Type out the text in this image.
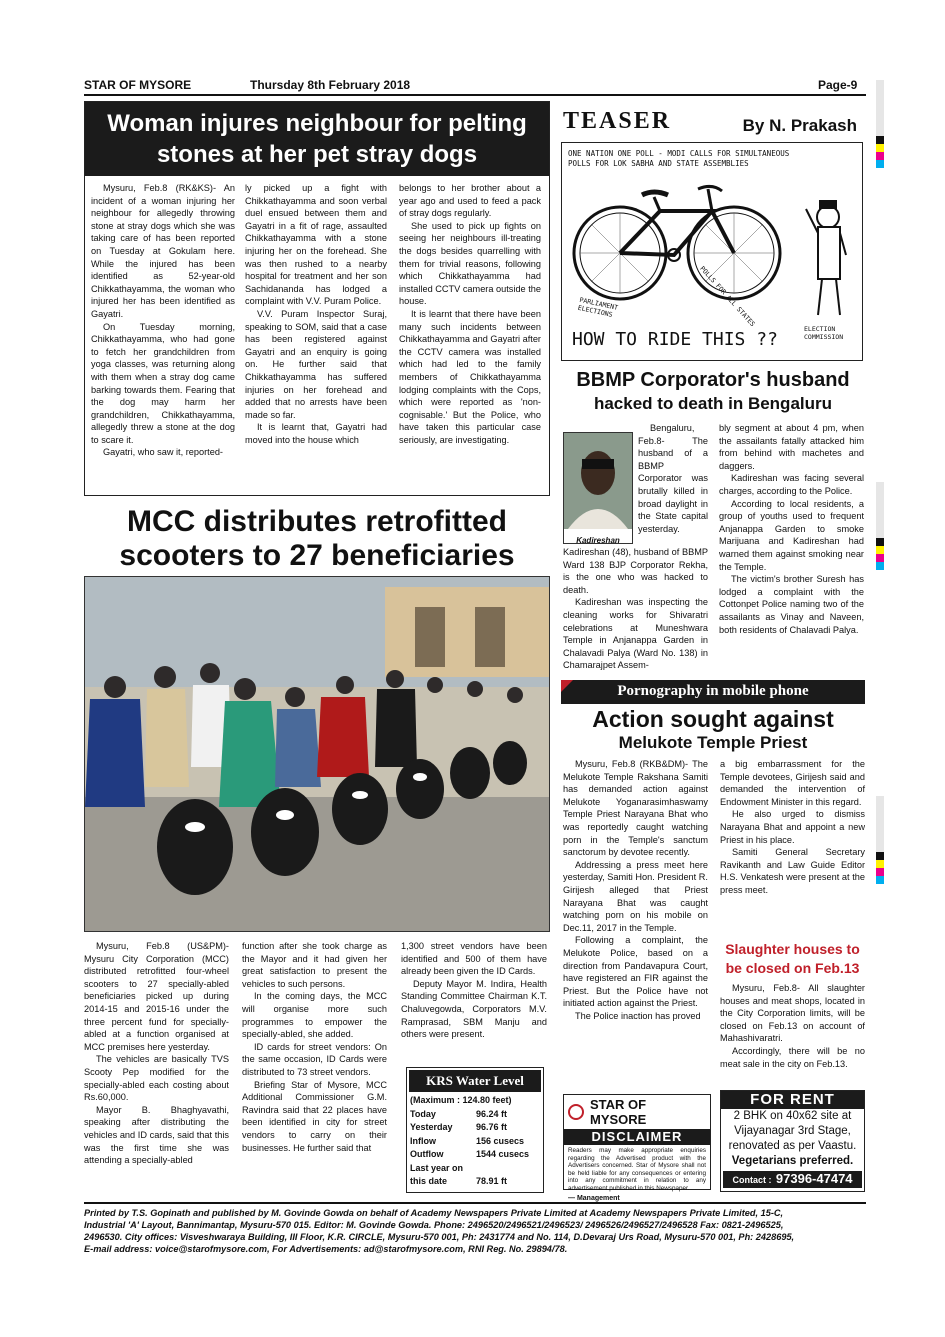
STAR OF MYSORE	Thursday 8th February 2018	Page-9
Woman injures neighbour for pelting
stones at her pet stray dogs

Mysuru, Feb.8 (RK&KS)- An incident of a woman injuring her neighbour for allegedly throwing stone at stray dogs which she was taking care of has been reported on Tuesday at Gokulam here. While the injured has been identified as 52-year-old Chikkathayamma, the woman who injured her has been identified as Gayatri.

On Tuesday morning, Chikkathayamma, who had gone to fetch her grandchildren from yoga classes, was returning along with them when a stray dog came barking towards them. Fearing that the dog may harm her grandchildren, Chikkathayamma, allegedly threw a stone at the dog to scare it.

Gayatri, who saw it, reported-

ly picked up a fight with Chikkathayamma and soon verbal duel ensued between them and Gayatri in a fit of rage, assaulted Chikkathayamma with a stone injuring her on the forehead. She was then rushed to a nearby hospital for treatment and her son Sachidananda has lodged a complaint with V.V. Puram Police.

V.V. Puram Inspector Suraj, speaking to SOM, said that a case has been registered against Gayatri and an enquiry is going on. He further said that Chikkathayamma has suffered injuries on her forehead and added that no arrests have been made so far.

It is learnt that, Gayatri had moved into the house which

belongs to her brother about a year ago and used to feed a pack of stray dogs regularly.

She used to pick up fights on seeing her neighbours ill-treating the dogs besides quarrelling with them for trivial reasons, following which Chikkathayamma had installed CCTV camera outside the house.

It is learnt that there have been many such incidents between Chikkathayamma and Gayatri after the CCTV camera was installed which had led to the family members of Chikkathayamma lodging complaints with the Cops, which were reported as 'non-cognisable.' But the Police, who have taken this particular case seriously, are investigating.

TEASER	By N. Prakash
ONE NATION ONE POLL - MODI CALLS FOR SIMULTANEOUS POLLS FOR LOK SABHA AND STATE ASSEMBLIES
PARLIAMENT ELECTIONS	POLLS FOR ALL STATES
ELECTION COMMISSION
HOW TO RIDE THIS ??
BBMP Corporator's husband
hacked to death in Bengaluru
Kadireshan

Bengaluru, Feb.8- The husband of a BBMP Corporator was brutally killed in broad daylight in the State capital yesterday.

Kadireshan (48), husband of BBMP Ward 138 BJP Corporator Rekha, is the one who was hacked to death.

Kadireshan was inspecting the cleaning works for Shivaratri celebrations at Muneshwara Temple in Anjanappa Garden in Chalavadi Palya (Ward No. 138) in Chamarajpet Assem-

bly segment at about 4 pm, when the assailants fatally attacked him from behind with machetes and daggers.

Kadireshan was facing several charges, according to the Police.

According to local residents, a group of youths used to frequent Anjanappa Garden to smoke Marijuana and Kadireshan had warned them against smoking near the Temple.

The victim's brother Suresh has lodged a complaint with the Cottonpet Police naming two of the assailants as Vinay and Naveen, both residents of Chalavadi Palya.

MCC distributes retrofitted
scooters to 27 beneficiaries

Mysuru, Feb.8 (US&PM)- Mysuru City Corporation (MCC) distributed retrofitted four-wheel scooters to 27 specially-abled beneficiaries picked up during 2014-15 and 2015-16 under the three percent fund for specially-abled at a function organised at MCC premises here yesterday.

The vehicles are basically TVS Scooty Pep modified for the specially-abled each costing about Rs.60,000.

Mayor B. Bhaghyavathi, speaking after distributing the vehicles and ID cards, said that this was the first time she was attending a specially-abled

function after she took charge as the Mayor and it had given her great satisfaction to present the vehicles to such persons.

In the coming days, the MCC will organise more such programmes to empower the specially-abled, she added.

ID cards for street vendors: On the same occasion, ID Cards were distributed to 73 street vendors.

Briefing Star of Mysore, MCC Additional Commissioner G.M. Ravindra said that 22 places have been identified in city for street vendors to carry on their businesses. He further said that

1,300 street vendors have been identified and 500 of them have already been given the ID Cards.

Deputy Mayor M. Indira, Health Standing Committee Chairman K.T. Chaluvegowda, Corporators M.V. Ramprasad, SBM Manju and others were present.

KRS Water Level
(Maximum : 124.80 feet)	
Today	96.24 ft
Yesterday	96.76 ft
Inflow	156 cusecs
Outflow	1544 cusecs
Last year on	
this date	78.91 ft
Pornography in mobile phone
Action sought against
Melukote Temple Priest

Mysuru, Feb.8 (RKB&DM)- The Melukote Temple Rakshana Samiti has demanded action against Melukote Yoganarasimhaswamy Temple Priest Narayana Bhat who was reportedly caught watching porn in the Temple's sanctum sanctorum by devotee recently.

Addressing a press meet here yesterday, Samiti Hon. President R. Girijesh alleged that Priest Narayana Bhat was caught watching porn on his mobile on Dec.11, 2017 in the Temple.

Following a complaint, the Melukote Police, based on a direction from Pandavapura Court, have registered an FIR against the Priest. But the Police have not initiated action against the Priest.

The Police inaction has proved

a big embarrassment for the Temple devotees, Girijesh said and demanded the intervention of Endowment Minister in this regard.

He also urged to dismiss Narayana Bhat and appoint a new Priest in his place.

Samiti General Secretary Ravikanth and Law Guide Editor H.S. Venkatesh were present at the press meet.

Slaughter houses to
be closed on Feb.13

Mysuru, Feb.8- All slaughter houses and meat shops, located in the City Corporation limits, will be closed on Feb.13 on account of Mahashivaratri.

Accordingly, there will be no meat sale in the city on Feb.13.

STAR OF MYSORE
DISCLAIMER
Readers may make appropriate enquiries regarding the Advertised product with the Advertisers concerned. Star of Mysore shall not be held liable for any consequences or entering into any commitment in relation to any advertisement published in this Newspaper.
— Management
FOR RENT
2 BHK on 40x62 site at
Vijayanagar 3rd Stage,
renovated as per Vaastu.
Vegetarians preferred.
Contact : 97396-47474
Printed by T.S. Gopinath and published by M. Govinde Gowda on behalf of Academy Newspapers Private Limited at Academy Newspapers Private Limited, 15-C,
Industrial 'A' Layout, Bannimantap, Mysuru-570 015. Editor: M. Govinde Gowda. Phone: 2496520/2496521/2496523/ 2496526/2496527/2496528 Fax: 0821-2496525,
2496530. City offices: Visveshwaraya Building, III Floor, K.R. CIRCLE, Mysuru-570 001, Ph: 2431774 and No. 114, D.Devaraj Urs Road, Mysuru-570 001, Ph: 2428695,
E-mail address: voice@starofmysore.com, For Advertisements: ad@starofmysore.com, RNI Reg. No. 29894/78.
